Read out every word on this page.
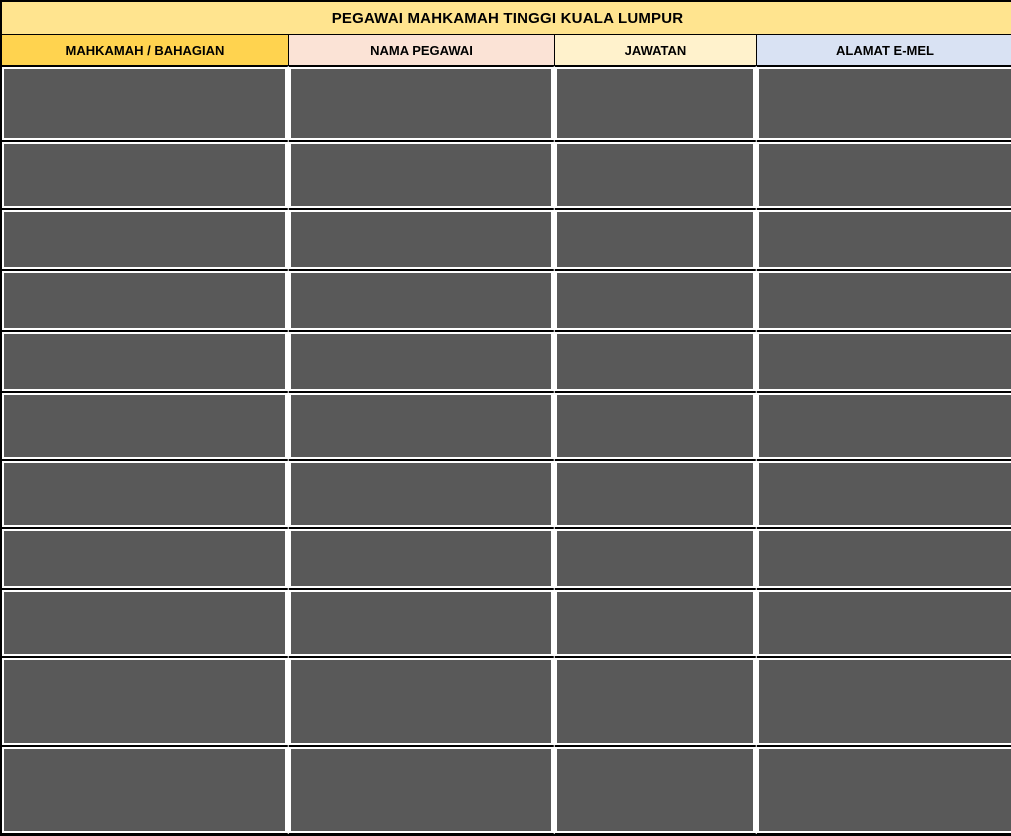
PEGAWAI MAHKAMAH TINGGI KUALA LUMPUR			
MAHKAMAH / BAHAGIAN	NAMA PEGAWAI	JAWATAN	ALAMAT E-MEL
